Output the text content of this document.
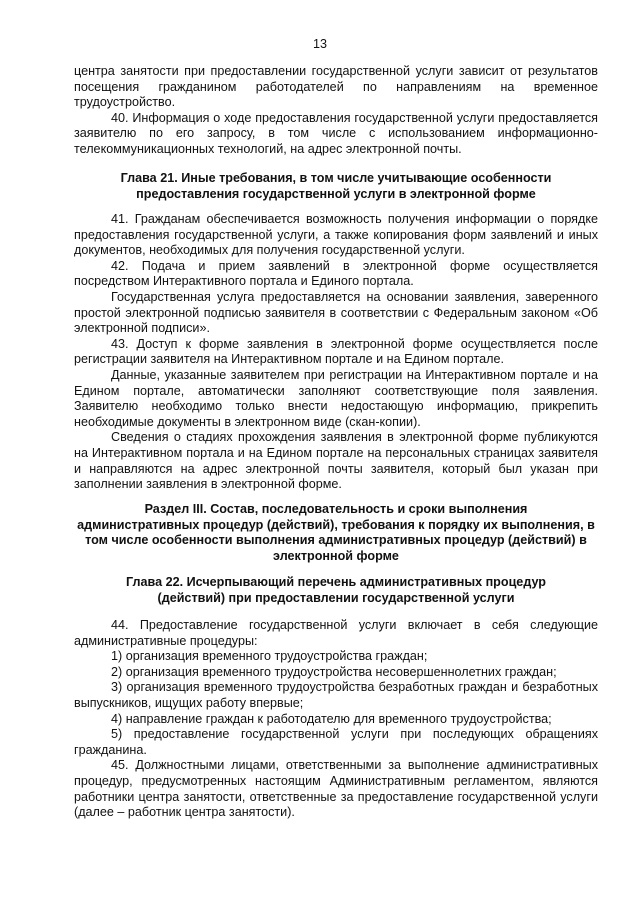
13

центра занятости при предоставлении государственной услуги зависит от результатов посещения гражданином работодателей по направлениям на временное трудоустройство.

40. Информация о ходе предоставления государственной услуги предоставляется заявителю по его запросу, в том числе с использованием информационно-телекоммуникационных технологий, на адрес электронной почты.

Глава 21. Иные требования, в том числе учитывающие особенности
предоставления государственной услуги в электронной форме

41. Гражданам обеспечивается возможность получения информации о порядке предоставления государственной услуги, а также копирования форм заявлений и иных документов, необходимых для получения государственной услуги.

42. Подача и прием заявлений в электронной форме осуществляется посредством Интерактивного портала и Единого портала.

Государственная услуга предоставляется на основании заявления, заверенного простой электронной подписью заявителя в соответствии с Федеральным законом «Об электронной подписи».

43. Доступ к форме заявления в электронной форме осуществляется после регистрации заявителя на Интерактивном портале и на Едином портале.

Данные, указанные заявителем при регистрации на Интерактивном портале и на Едином портале, автоматически заполняют соответствующие поля заявления. Заявителю необходимо только внести недостающую информацию, прикрепить необходимые документы в электронном виде (скан-копии).

Сведения о стадиях прохождения заявления в электронной форме публикуются на Интерактивном портала и на Едином портале на персональных страницах заявителя и направляются на адрес электронной почты заявителя, который был указан при заполнении заявления в электронной форме.

Раздел III. Состав, последовательность и сроки выполнения
административных процедур (действий), требования к порядку их выполнения, в
том числе особенности выполнения административных процедур (действий) в
электронной форме
Глава 22. Исчерпывающий перечень административных процедур
(действий) при предоставлении государственной услуги

44. Предоставление государственной услуги включает в себя следующие административные процедуры:

1) организация временного трудоустройства граждан;

2) организация временного трудоустройства несовершеннолетних граждан;

3) организация временного трудоустройства безработных граждан и безработных выпускников, ищущих работу впервые;

4) направление граждан к работодателю для временного трудоустройства;

5) предоставление государственной услуги при последующих обращениях гражданина.

45. Должностными лицами, ответственными за выполнение административных процедур, предусмотренных настоящим Административным регламентом, являются работники центра занятости, ответственные за предоставление государственной услуги (далее – работник центра занятости).
